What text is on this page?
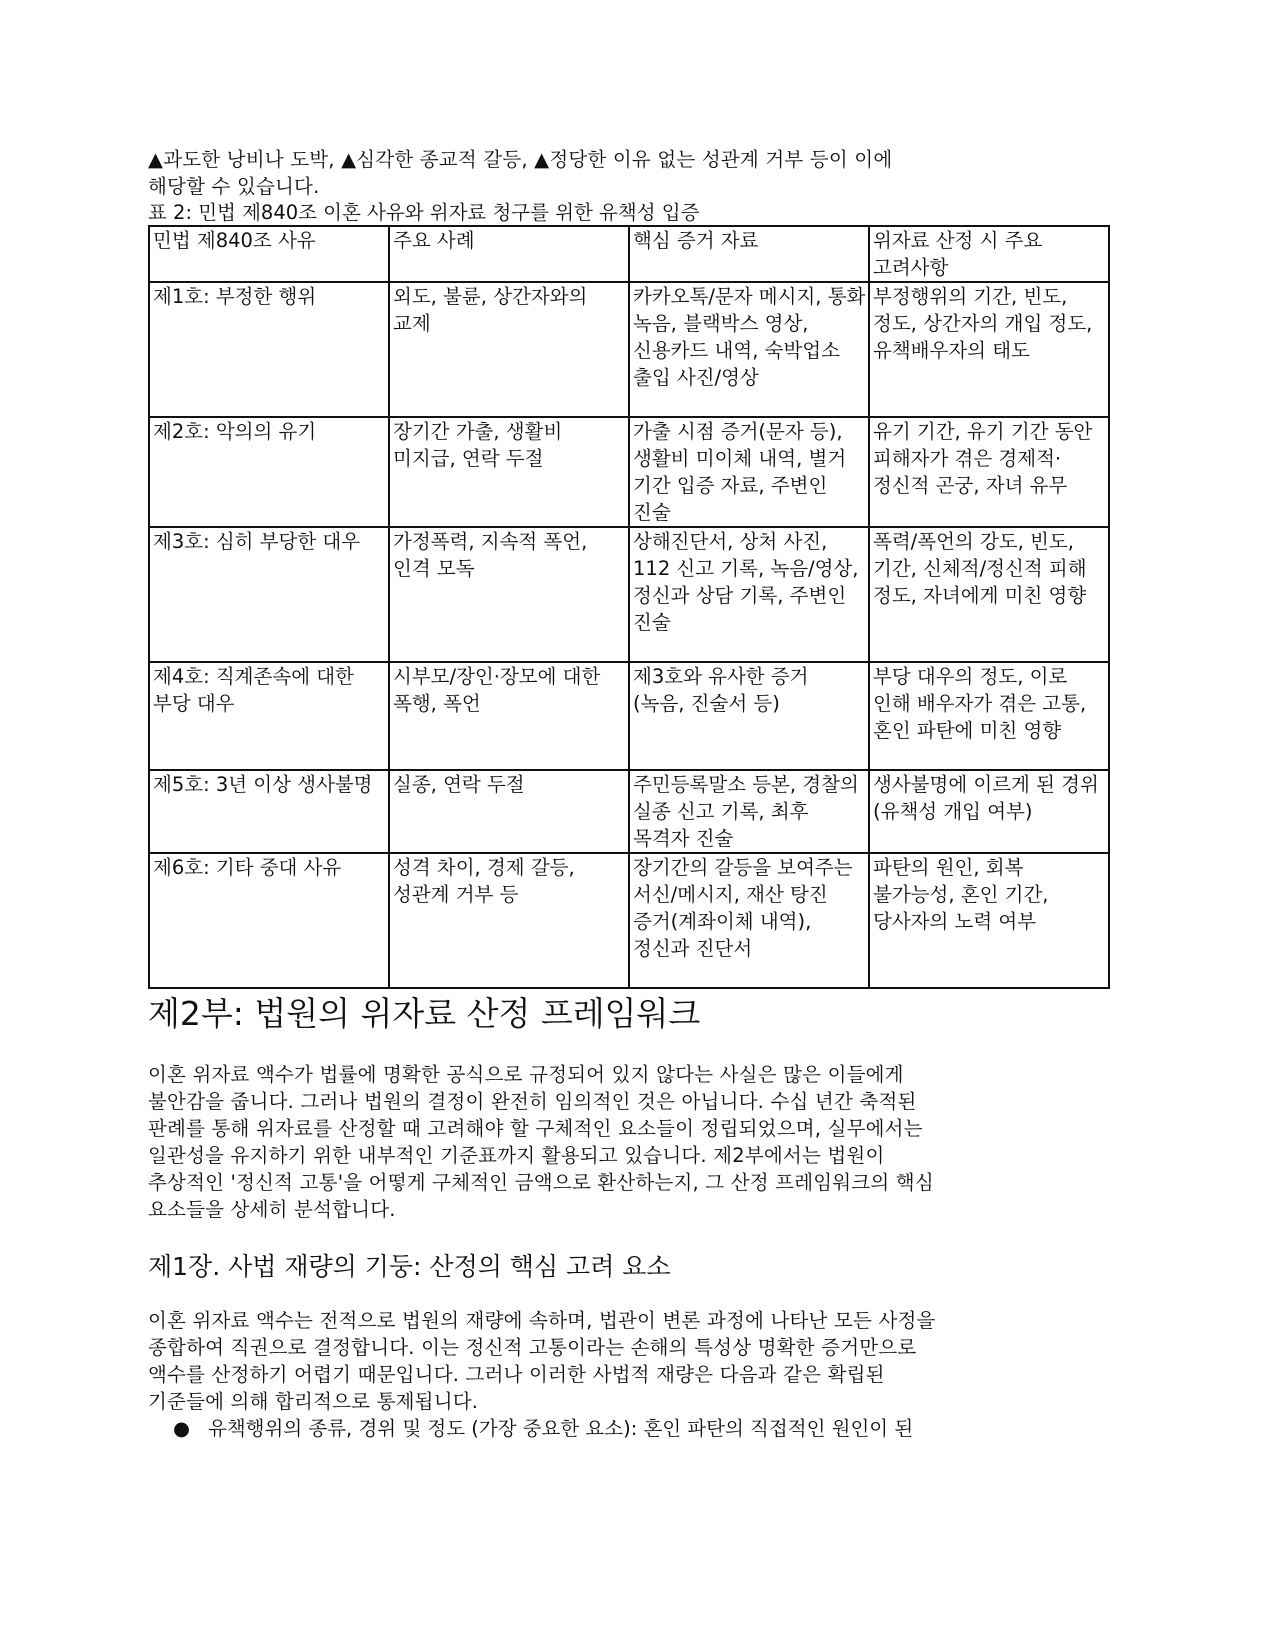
▲과도한 낭비나 도박, ▲심각한 종교적 갈등, ▲정당한 이유 없는 성관계 거부 등이 이에

해당할 수 있습니다.

표 2: 민법 제840조 이혼 사유와 위자료 청구를 위한 유책성 입증

민법 제840조 사유	주요 사례	핵심 증거 자료	위자료 산정 시 주요 고려사항
제1호: 부정한 행위	외도, 불륜, 상간자와의 교제	카카오톡/문자 메시지, 통화 녹음, 블랙박스 영상, 신용카드 내역, 숙박업소 출입 사진/영상	부정행위의 기간, 빈도, 정도, 상간자의 개입 정도, 유책배우자의 태도
제2호: 악의의 유기	장기간 가출, 생활비 미지급, 연락 두절	가출 시점 증거(문자 등), 생활비 미이체 내역, 별거 기간 입증 자료, 주변인 진술	유기 기간, 유기 기간 동안 피해자가 겪은 경제적·정신적 곤궁, 자녀 유무
제3호: 심히 부당한 대우	가정폭력, 지속적 폭언, 인격 모독	상해진단서, 상처 사진, 112 신고 기록, 녹음/영상, 정신과 상담 기록, 주변인 진술	폭력/폭언의 강도, 빈도, 기간, 신체적/정신적 피해 정도, 자녀에게 미친 영향
제4호: 직계존속에 대한 부당 대우	시부모/장인·장모에 대한 폭행, 폭언	제3호와 유사한 증거 (녹음, 진술서 등)	부당 대우의 정도, 이로 인해 배우자가 겪은 고통, 혼인 파탄에 미친 영향
제5호: 3년 이상 생사불명	실종, 연락 두절	주민등록말소 등본, 경찰의 실종 신고 기록, 최후 목격자 진술	생사불명에 이르게 된 경위 (유책성 개입 여부)
제6호: 기타 중대 사유	성격 차이, 경제 갈등, 성관계 거부 등	장기간의 갈등을 보여주는 서신/메시지, 재산 탕진 증거(계좌이체 내역), 정신과 진단서	파탄의 원인, 회복 불가능성, 혼인 기간, 당사자의 노력 여부
제2부: 법원의 위자료 산정 프레임워크

이혼 위자료 액수가 법률에 명확한 공식으로 규정되어 있지 않다는 사실은 많은 이들에게

불안감을 줍니다. 그러나 법원의 결정이 완전히 임의적인 것은 아닙니다. 수십 년간 축적된

판례를 통해 위자료를 산정할 때 고려해야 할 구체적인 요소들이 정립되었으며, 실무에서는

일관성을 유지하기 위한 내부적인 기준표까지 활용되고 있습니다. 제2부에서는 법원이

추상적인 '정신적 고통'을 어떻게 구체적인 금액으로 환산하는지, 그 산정 프레임워크의 핵심

요소들을 상세히 분석합니다.

제1장. 사법 재량의 기둥: 산정의 핵심 고려 요소

이혼 위자료 액수는 전적으로 법원의 재량에 속하며, 법관이 변론 과정에 나타난 모든 사정을

종합하여 직권으로 결정합니다. 이는 정신적 고통이라는 손해의 특성상 명확한 증거만으로

액수를 산정하기 어렵기 때문입니다. 그러나 이러한 사법적 재량은 다음과 같은 확립된

기준들에 의해 합리적으로 통제됩니다.

● 유책행위의 종류, 경위 및 정도 (가장 중요한 요소): 혼인 파탄의 직접적인 원인이 된
